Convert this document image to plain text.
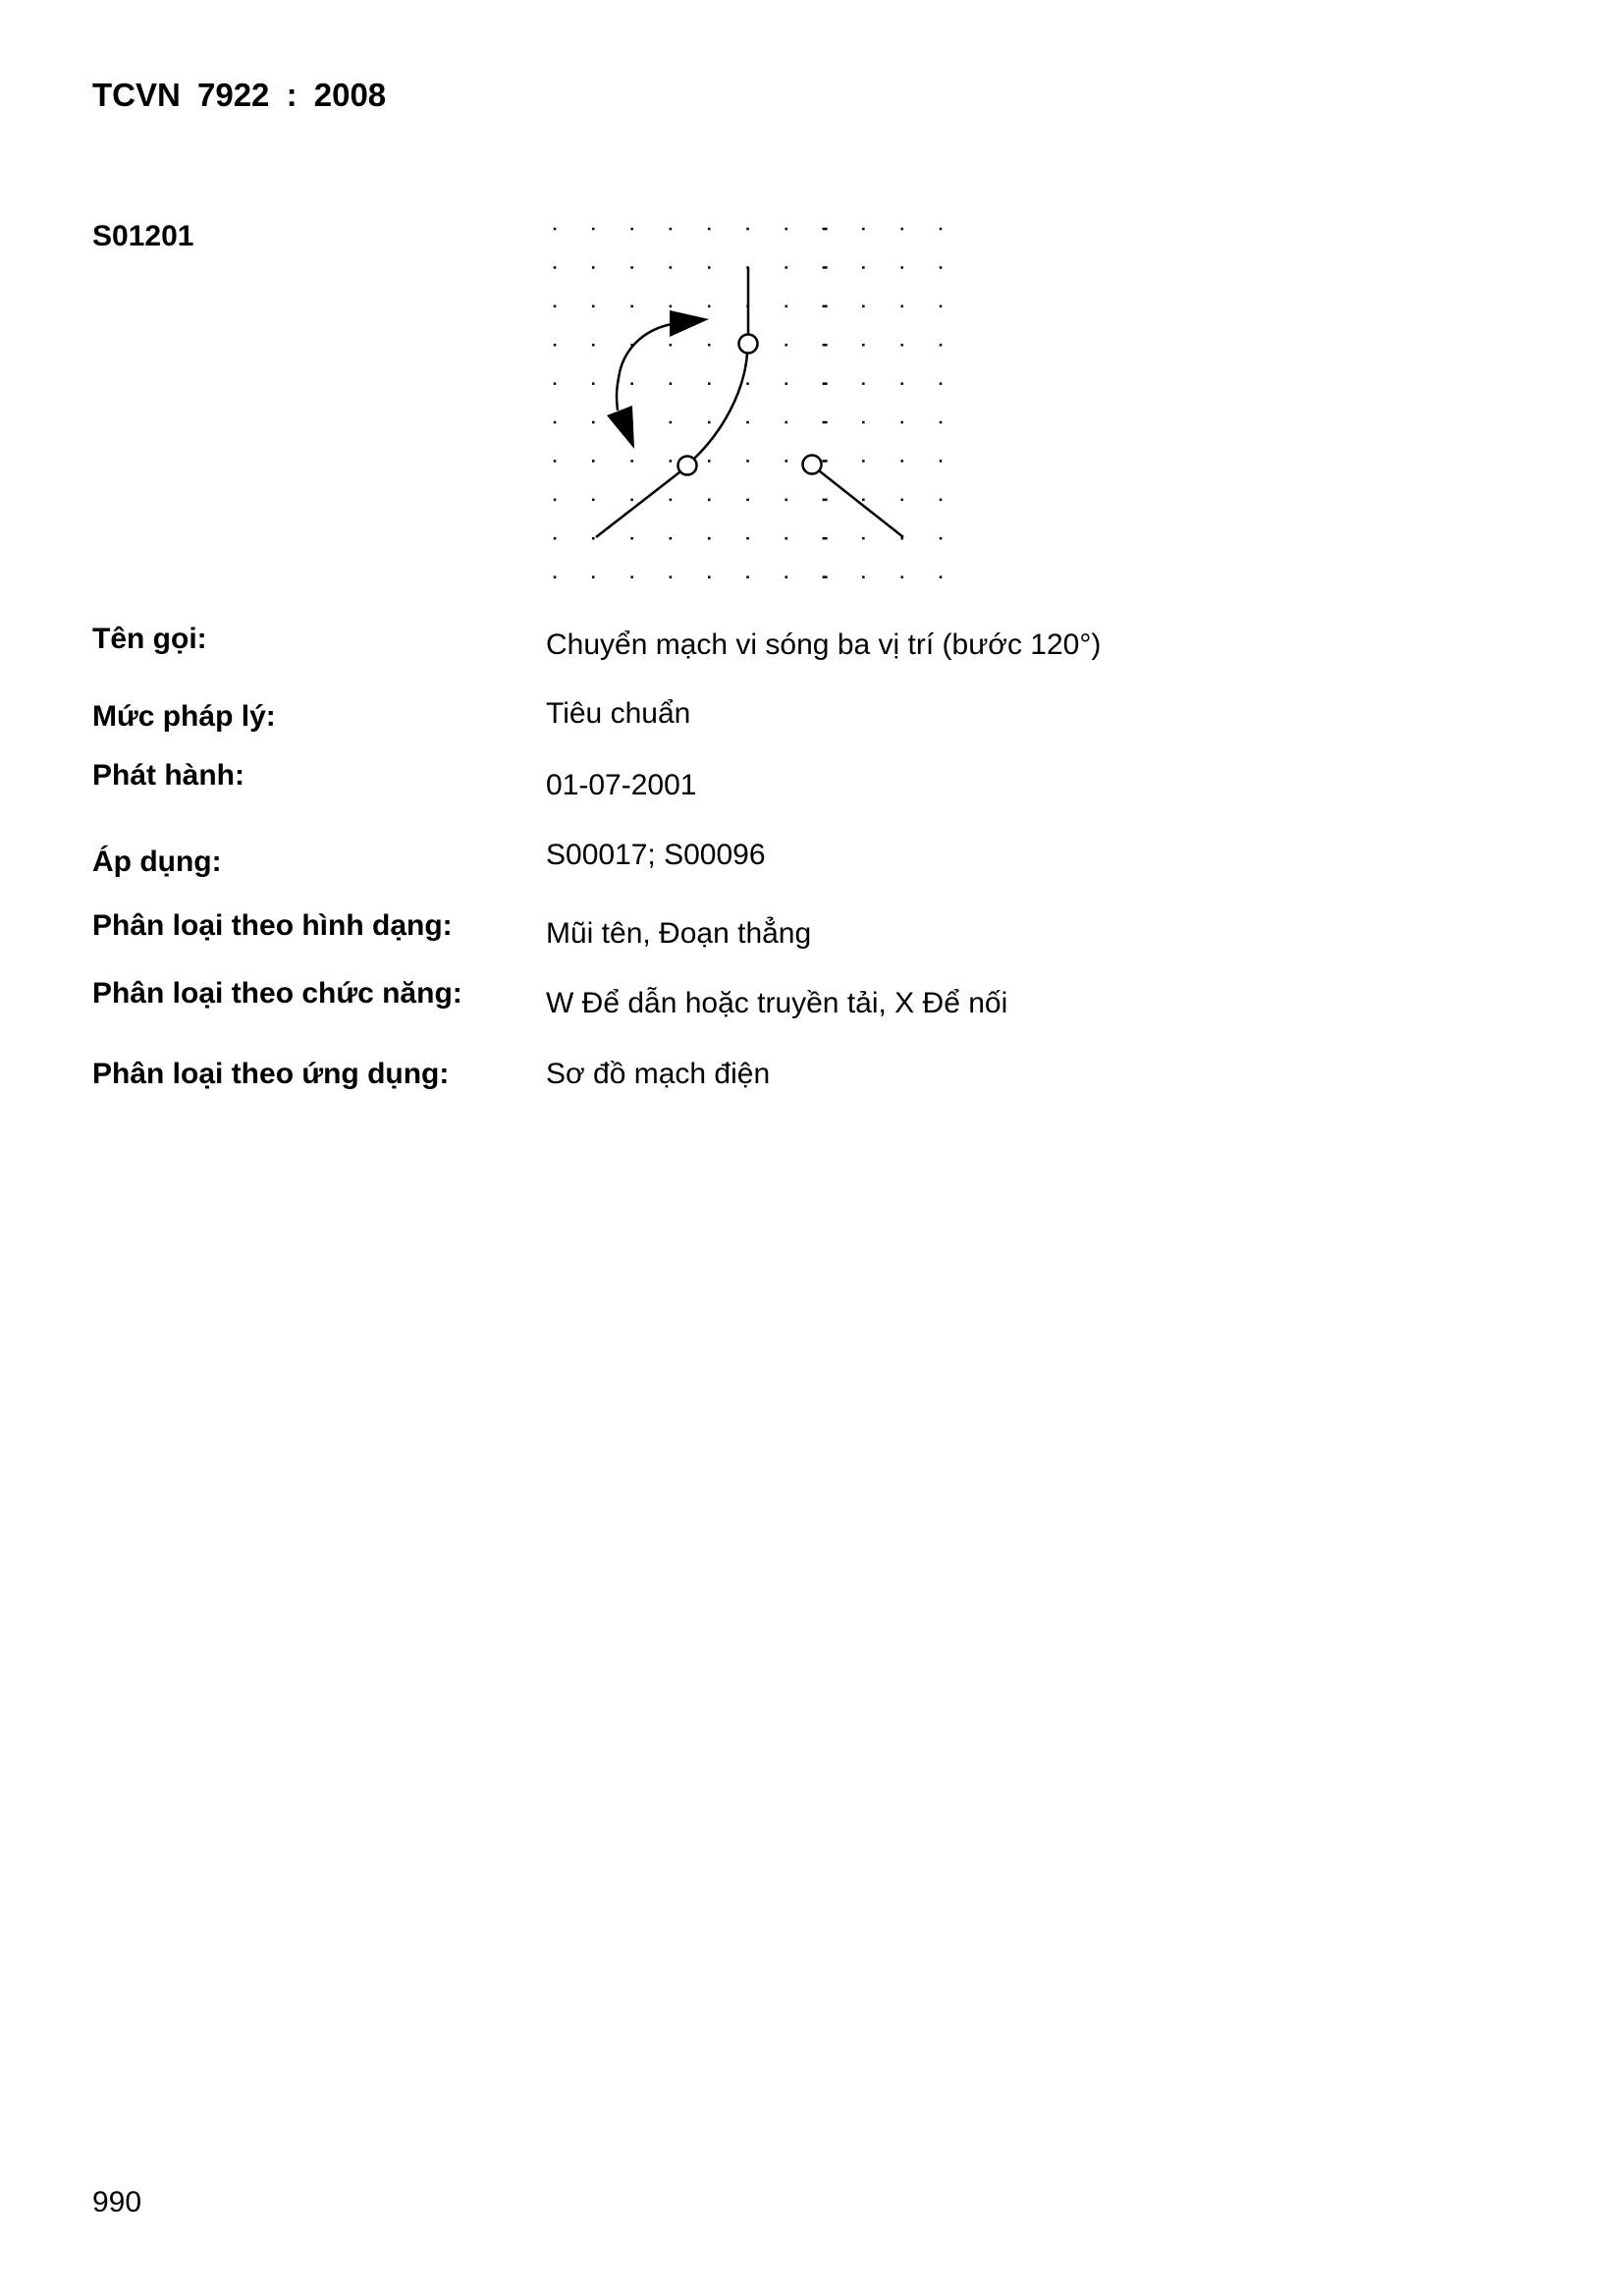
TCVN 7922 : 2008
S01201
Tên gọi:	Chuyển mạch vi sóng ba vị trí (bước 120°)
Mức pháp lý:	Tiêu chuẩn
Phát hành:	01-07-2001
Áp dụng:	S00017; S00096
Phân loại theo hình dạng:	Mũi tên, Đoạn thẳng
Phân loại theo chức năng:	W Để dẫn hoặc truyền tải, X Để nối
Phân loại theo ứng dụng:	Sơ đồ mạch điện
990
